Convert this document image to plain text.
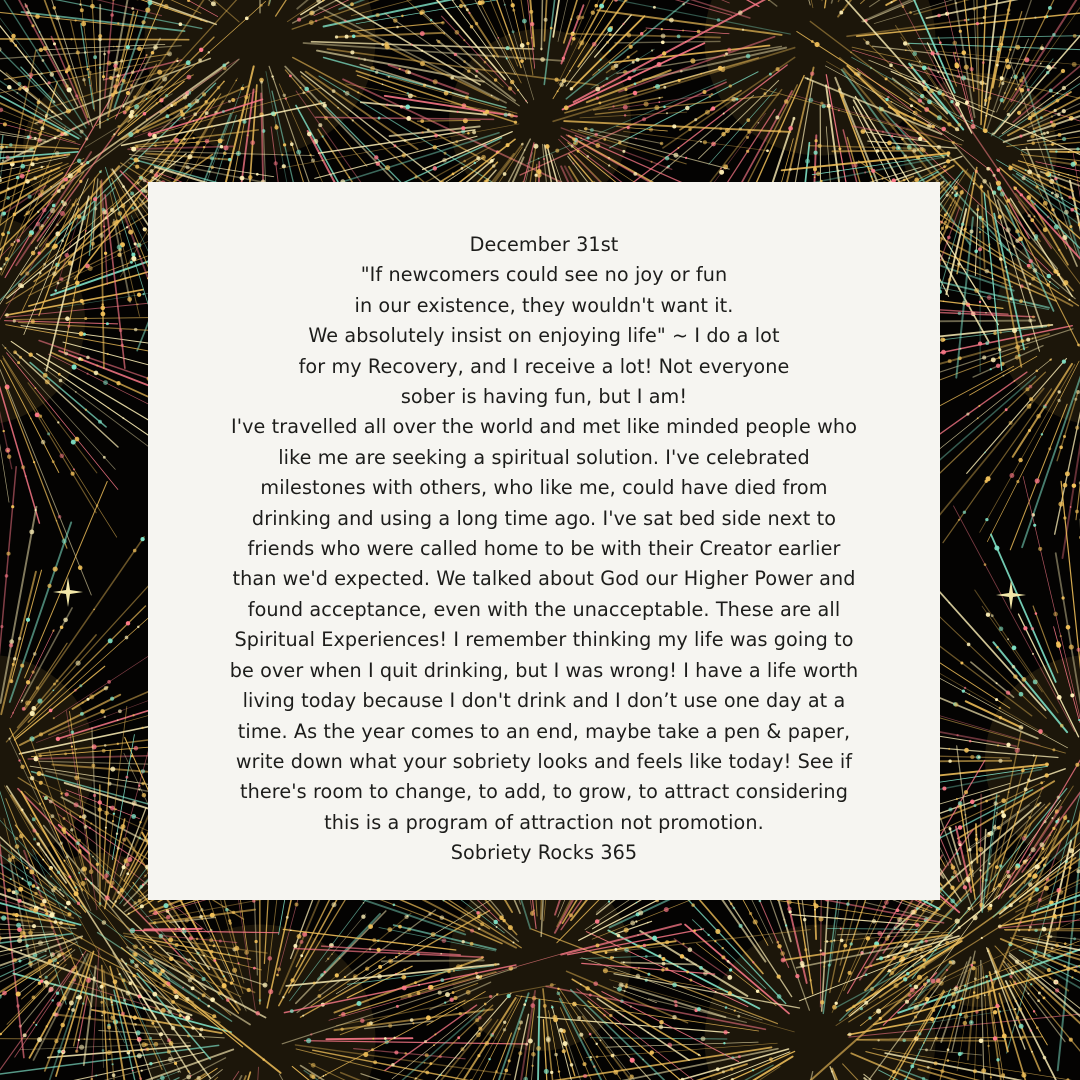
December 31st
"If newcomers could see no joy or fun
in our existence, they wouldn't want it.
We absolutely insist on enjoying life" ~ I do a lot
for my Recovery, and I receive a lot! Not everyone
sober is having fun, but I am!
I've travelled all over the world and met like minded people who
like me are seeking a spiritual solution. I've celebrated
milestones with others, who like me, could have died from
drinking and using a long time ago. I've sat bed side next to
friends who were called home to be with their Creator earlier
than we'd expected. We talked about God our Higher Power and
found acceptance, even with the unacceptable. These are all
Spiritual Experiences! I remember thinking my life was going to
be over when I quit drinking, but I was wrong! I have a life worth
living today because I don't drink and I don’t use one day at a
time. As the year comes to an end, maybe take a pen & paper,
write down what your sobriety looks and feels like today! See if
there's room to change, to add, to grow, to attract considering
this is a program of attraction not promotion.
Sobriety Rocks 365
